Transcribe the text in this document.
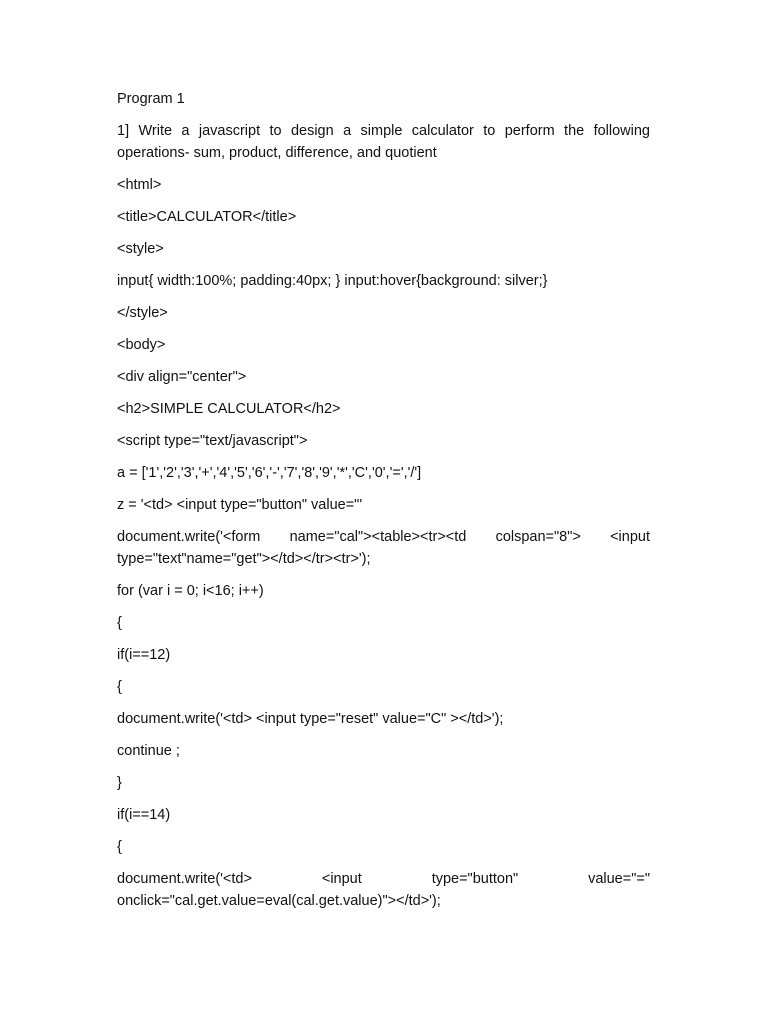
Program 1
1] Write a javascript to design a simple calculator to perform the following operations- sum, product, difference, and quotient
<html>
<title>CALCULATOR</title>
<style>
input{ width:100%; padding:40px; } input:hover{background: silver;}
</style>
<body>
<div align="center">
<h2>SIMPLE CALCULATOR</h2>
<script type="text/javascript">
a = ['1','2','3','+','4','5','6','-','7','8','9','*','C','0','=','/']
z = '<td> <input type="button" value="'
document.write('<form name="cal"><table><tr><td colspan="8"> <input
type="text"name="get"></td></tr><tr>');
for (var i = 0; i<16; i++)
{
if(i==12)
{
document.write('<td> <input type="reset" value="C" ></td>');
continue ;
}
if(i==14)
{
document.write('<td>	<input	type="button"	value="="
onclick="cal.get.value=eval(cal.get.value)"></td>');
